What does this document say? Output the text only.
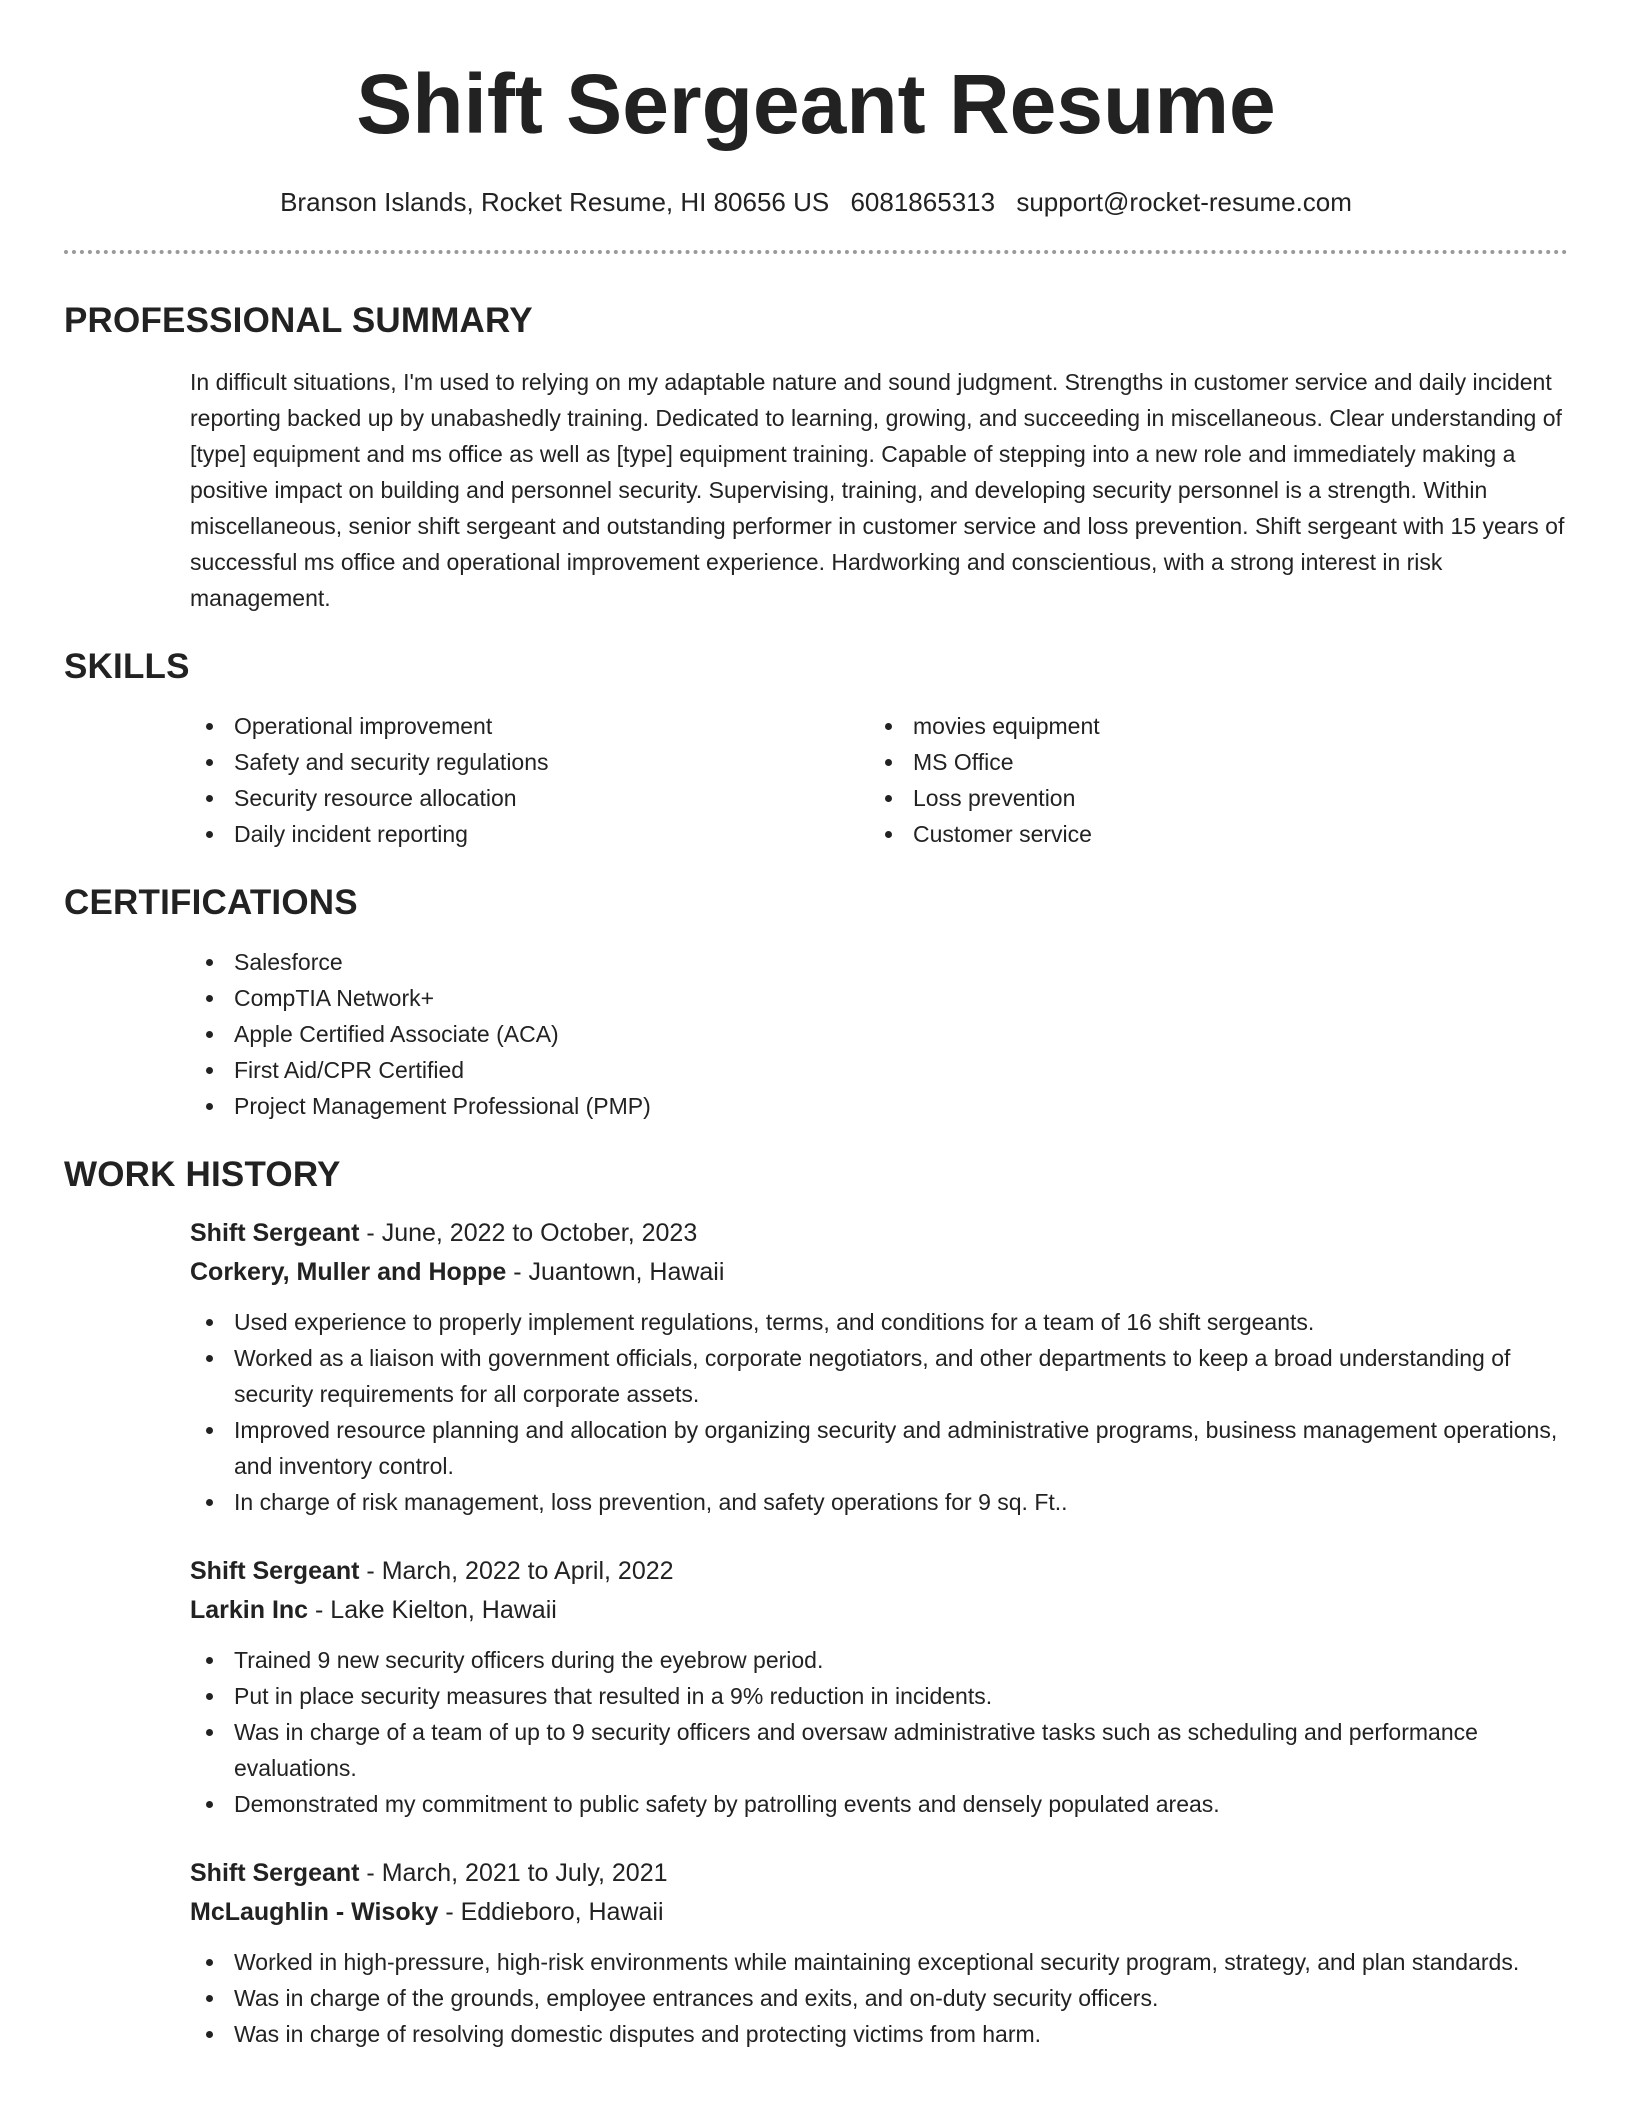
Shift Sergeant Resume
Branson Islands, Rocket Resume, HI 80656 US 6081865313 support@rocket-resume.com
PROFESSIONAL SUMMARY

In difficult situations, I'm used to relying on my adaptable nature and sound judgment. Strengths in customer service and daily incident reporting backed up by unabashedly training. Dedicated to learning, growing, and succeeding in miscellaneous. Clear understanding of [type] equipment and ms office as well as [type] equipment training. Capable of stepping into a new role and immediately making a positive impact on building and personnel security. Supervising, training, and developing security personnel is a strength. Within miscellaneous, senior shift sergeant and outstanding performer in customer service and loss prevention. Shift sergeant with 15 years of successful ms office and operational improvement experience. Hardworking and conscientious, with a strong interest in risk management.

SKILLS
Operational improvement
Safety and security regulations
Security resource allocation
Daily incident reporting
movies equipment
MS Office
Loss prevention
Customer service
CERTIFICATIONS
Salesforce
CompTIA Network+
Apple Certified Associate (ACA)
First Aid/CPR Certified
Project Management Professional (PMP)
WORK HISTORY
Shift Sergeant - June, 2022 to October, 2023
Corkery, Muller and Hoppe - Juantown, Hawaii
Used experience to properly implement regulations, terms, and conditions for a team of 16 shift sergeants.
Worked as a liaison with government officials, corporate negotiators, and other departments to keep a broad understanding of security requirements for all corporate assets.
Improved resource planning and allocation by organizing security and administrative programs, business management operations, and inventory control.
In charge of risk management, loss prevention, and safety operations for 9 sq. Ft..
Shift Sergeant - March, 2022 to April, 2022
Larkin Inc - Lake Kielton, Hawaii
Trained 9 new security officers during the eyebrow period.
Put in place security measures that resulted in a 9% reduction in incidents.
Was in charge of a team of up to 9 security officers and oversaw administrative tasks such as scheduling and performance evaluations.
Demonstrated my commitment to public safety by patrolling events and densely populated areas.
Shift Sergeant - March, 2021 to July, 2021
McLaughlin - Wisoky - Eddieboro, Hawaii
Worked in high-pressure, high-risk environments while maintaining exceptional security program, strategy, and plan standards.
Was in charge of the grounds, employee entrances and exits, and on-duty security officers.
Was in charge of resolving domestic disputes and protecting victims from harm.
